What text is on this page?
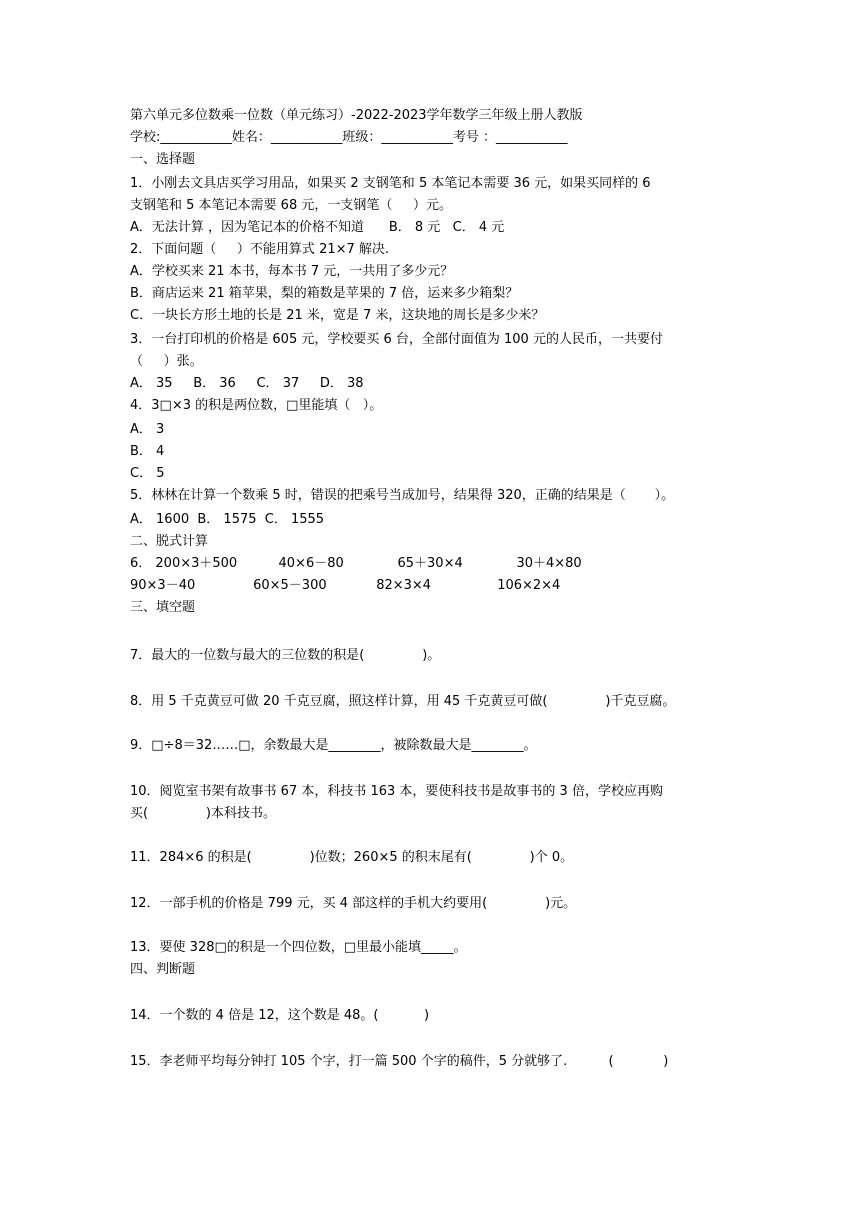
第六单元多位数乘一位数（单元练习）-2022-2023学年数学三年级上册人教版
学校:___________姓名：___________班级：___________考号 ：___________
一、选择题
1．小刚去文具店买学习用品，如果买 2 支钢笔和 5 本笔记本需要 36 元，如果买同样的 6
支钢笔和 5 本笔记本需要 68 元，一支钢笔（     ）元。
A．无法计算 ，因为笔记本的价格不知道      B． 8 元   C． 4 元
2．下面问题（     ）不能用算式 21×7 解决.
A．学校买来 21 本书，每本书 7 元，一共用了多少元？
B．商店运来 21 箱苹果，梨的箱数是苹果的 7 倍，运来多少箱梨？
C．一块长方形土地的长是 21 米，宽是 7 米，这块地的周长是多少米？
3．一台打印机的价格是 605 元，学校要买 6 台，全部付面值为 100 元的人民币，一共要付
（     ）张。
A． 35     B． 36     C． 37     D． 38
4．3□×3 的积是两位数，□里能填（   ）。
A． 3
B． 4
C． 5
5．林林在计算一个数乘 5 时，错误的把乘号当成加号，结果得 320，正确的结果是（       ）。
A． 1600  B． 1575  C． 1555
二、脱式计算
6． 200×3＋500          40×6－80             65＋30×4             30＋4×80
90×3－40              60×5－300            82×3×4                106×2×4
三、填空题
7．最大的一位数与最大的三位数的积是(              )。
8．用 5 千克黄豆可做 20 千克豆腐，照这样计算，用 45 千克黄豆可做(              )千克豆腐。
9．□÷8＝32……□，余数最大是________，被除数最大是________。
10．阅览室书架有故事书 67 本，科技书 163 本，要使科技书是故事书的 3 倍，学校应再购
买(              )本科技书。
11．284×6 的积是(              )位数；260×5 的积末尾有(              )个 0。
12．一部手机的价格是 799 元，买 4 部这样的手机大约要用(              )元。
13．要使 328□的积是一个四位数，□里最小能填_____。
四、判断题
14．一个数的 4 倍是 12，这个数是 48。(           )
15．李老师平均每分钟打 105 个字，打一篇 500 个字的稿件，5 分就够了.          (            )
